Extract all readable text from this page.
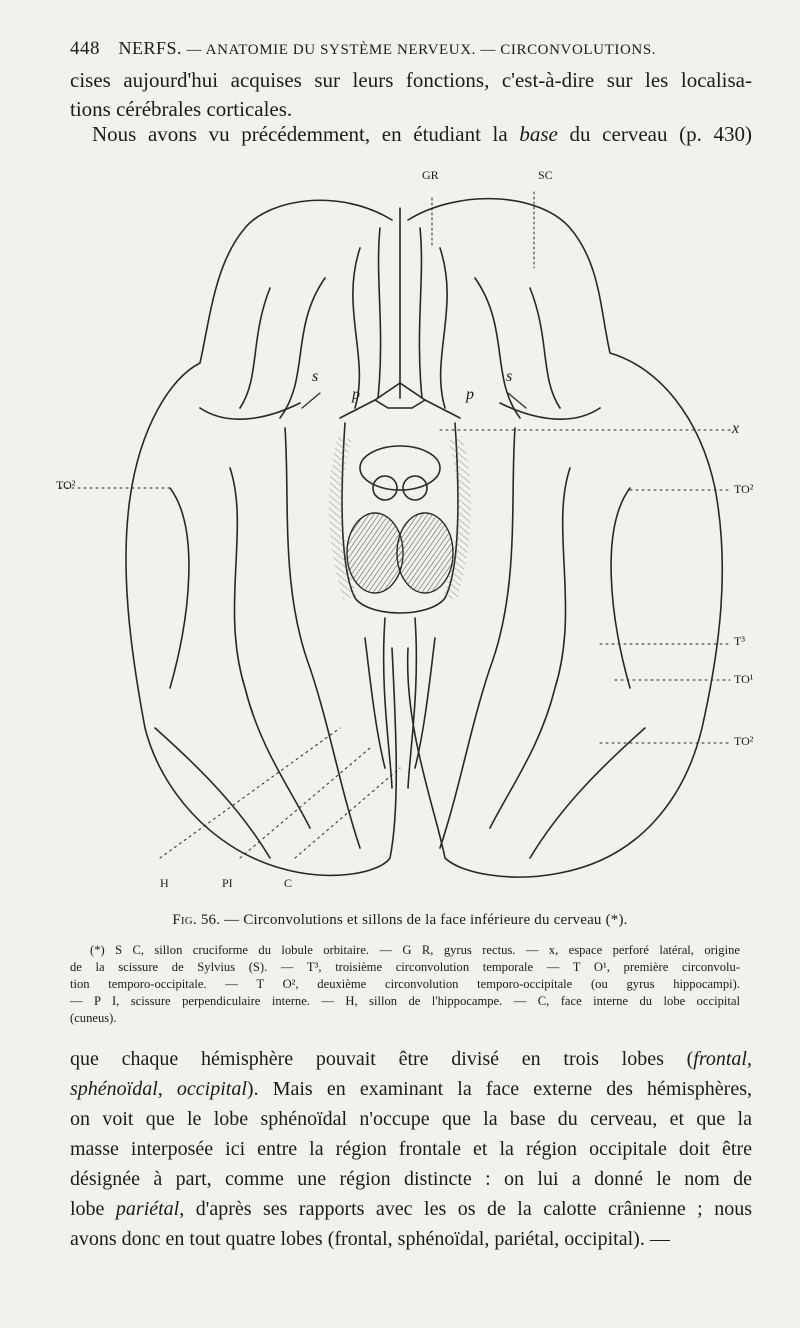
448 NERFS. — ANATOMIE DU SYSTÈME NERVEUX. — CIRCONVOLUTIONS.
cises aujourd'hui acquises sur leurs fonctions, c'est-à-dire sur les localisa-
tions cérébrales corticales.
Nous avons vu précédemment, en étudiant la base du cerveau (p. 430)
GR	SC
s	s
p	p
x
TO²	TO²
T³
TO¹
TO²
H	PI	C
Fig. 56. — Circonvolutions et sillons de la face inférieure du cerveau (*).
(*) S C, sillon cruciforme du lobule orbitaire. — G R, gyrus rectus. — x, espace perforé latéral, origine
de la scissure de Sylvius (S). — T³, troisième circonvolution temporale — T O¹, première circonvolu-
tion temporo-occipitale. — T O², deuxième circonvolution temporo-occipitale (ou gyrus hippocampi).
— P I, scissure perpendiculaire interne. — H, sillon de l'hippocampe. — C, face interne du lobe occipital
(cuneus).
que chaque hémisphère pouvait être divisé en trois lobes (frontal,
sphénoïdal, occipital). Mais en examinant la face externe des hémisphères,
on voit que le lobe sphénoïdal n'occupe que la base du cerveau, et que la
masse interposée ici entre la région frontale et la région occipitale doit être
désignée à part, comme une région distincte : on lui a donné le nom de
lobe pariétal, d'après ses rapports avec les os de la calotte crânienne ; nous
avons donc en tout quatre lobes (frontal, sphénoïdal, pariétal, occipital). —
